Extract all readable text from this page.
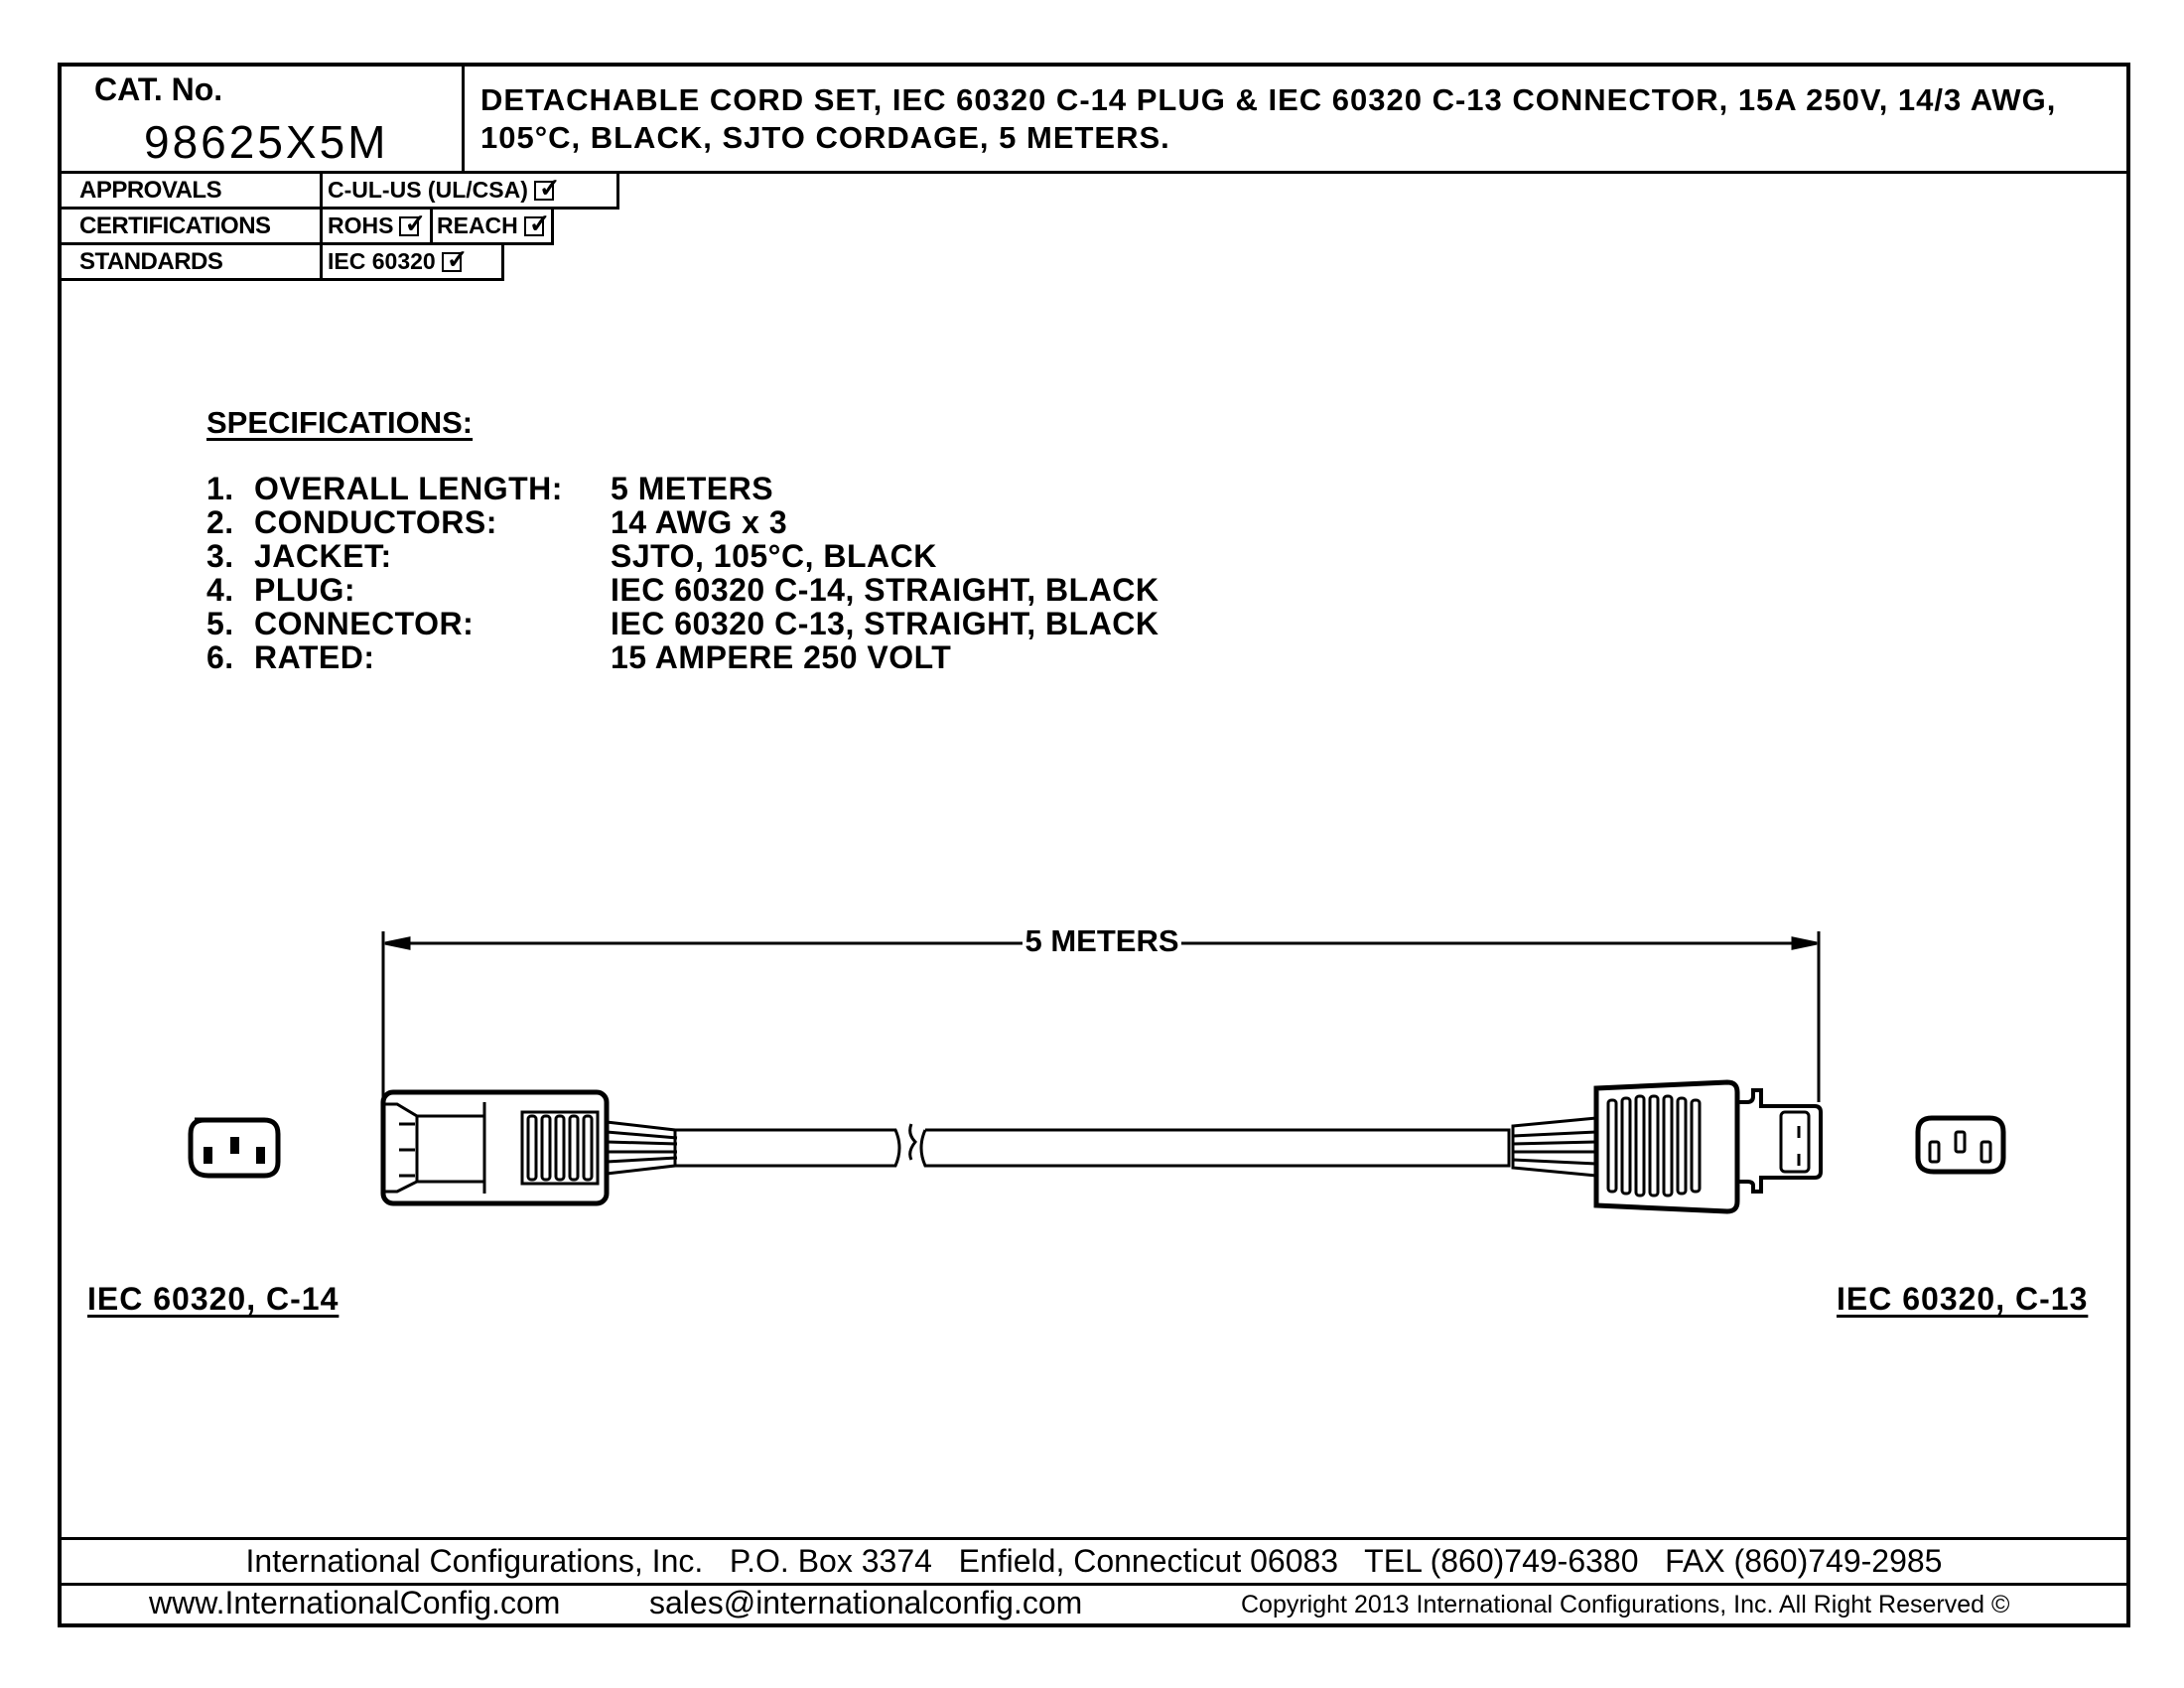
CAT. No.
98625X5M
DETACHABLE CORD SET, IEC 60320 C-14 PLUG & IEC 60320 C-13 CONNECTOR, 15A 250V, 14/3 AWG, 105°C, BLACK, SJTO CORDAGE, 5 METERS.
APPROVALS	C-UL-US (UL/CSA)✓
CERTIFICATIONS ROHS✓	REACH✓
STANDARDS	IEC 60320✓
SPECIFICATIONS:
1. OVERALL LENGTH: 5 METERS
2. CONDUCTORS:	14 AWG x 3
3. JACKET:	SJTO, 105°C, BLACK
4. PLUG:	IEC 60320 C-14, STRAIGHT, BLACK
5. CONNECTOR:	IEC 60320 C-13, STRAIGHT, BLACK
6. RATED:	15 AMPERE 250 VOLT
5 METERS
IEC 60320, C-14	IEC 60320, C-13
International Configurations, Inc.   P.O. Box 3374   Enfield, Connecticut 06083   TEL (860)749-6380   FAX (860)749-2985
www.InternationalConfig.com	sales@internationalconfig.com	Copyright 2013 International Configurations, Inc. All Right Reserved ©
